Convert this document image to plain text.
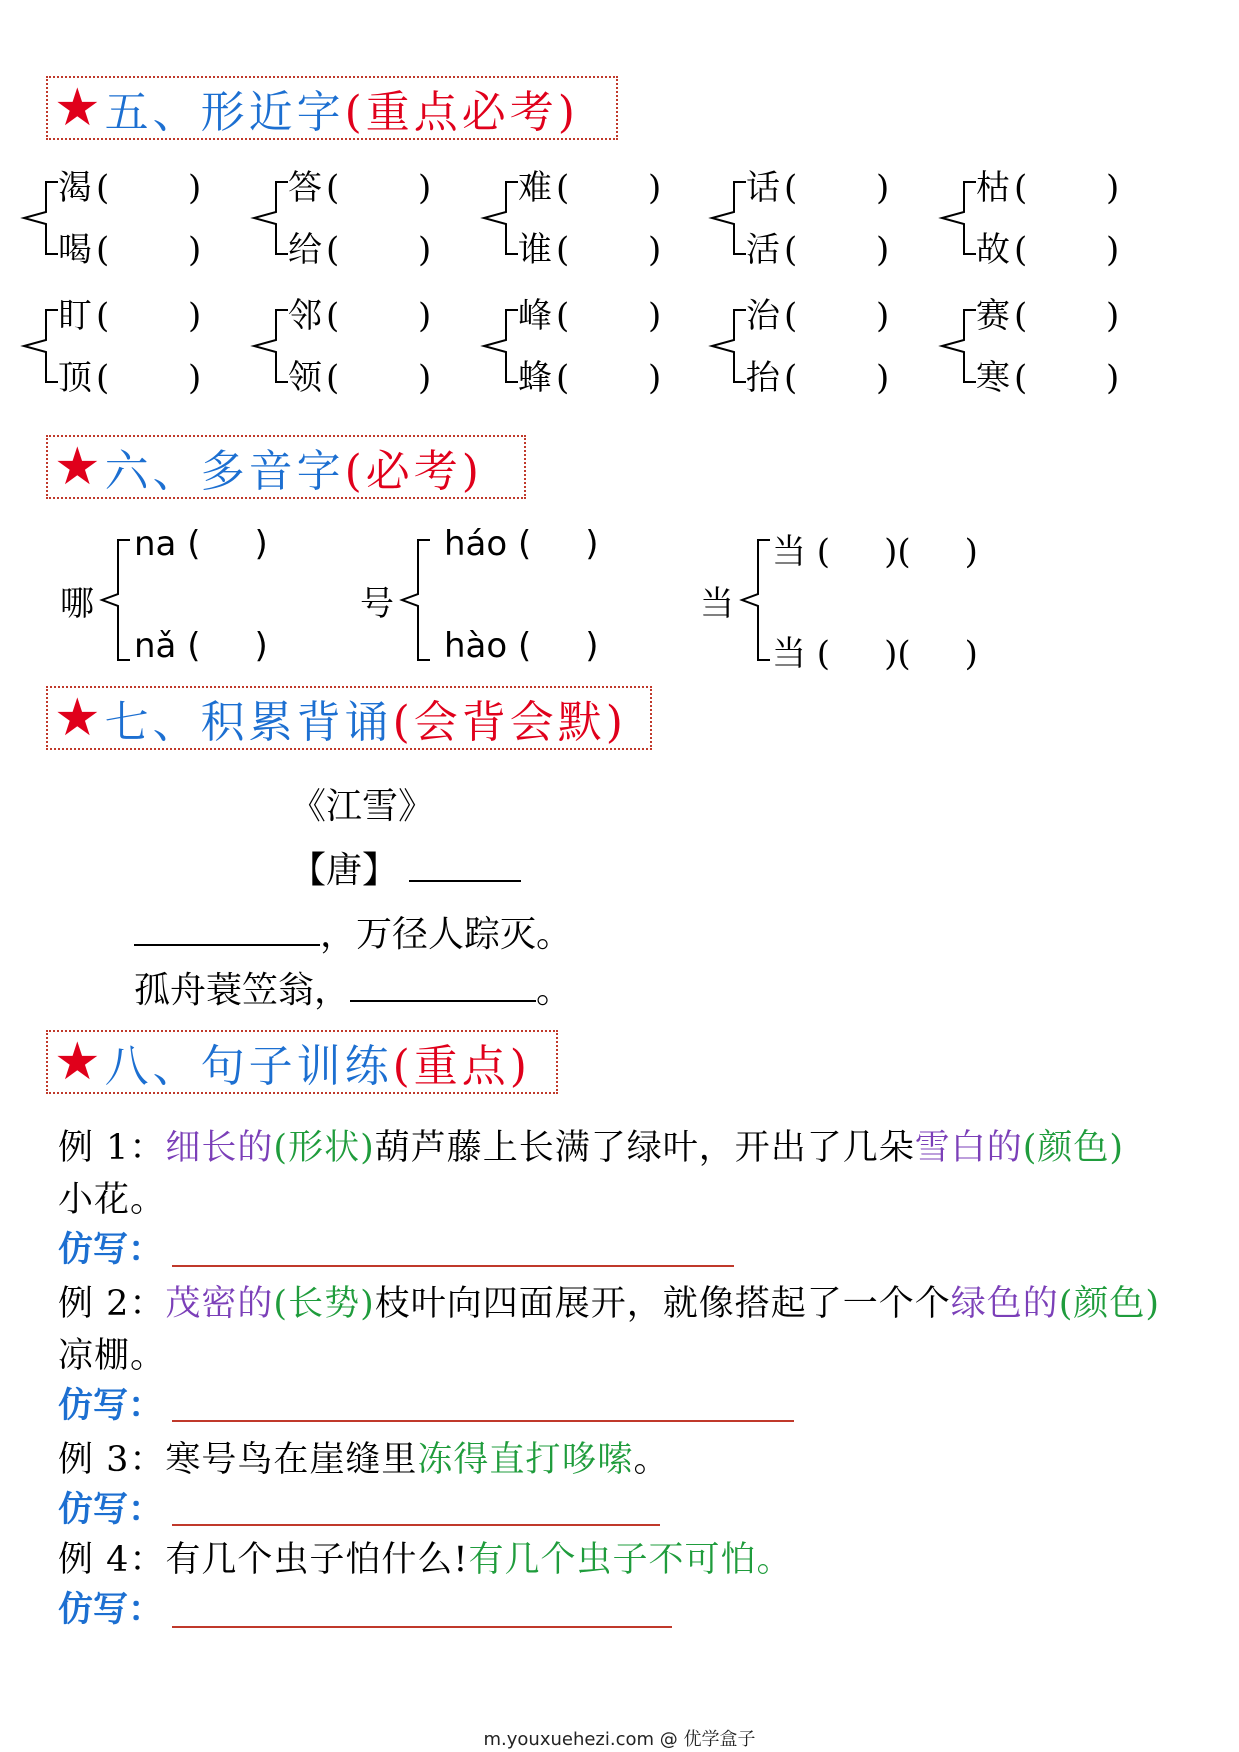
★ 五、形近字 (重点必考)
渴 ( )
喝 ( )
答 ( )
给 ( )
难 ( )
谁 ( )
话 ( )
活 ( )
枯 ( )
故 ( )
盯 ( )
顶 ( )
邻 ( )
领 ( )
峰 ( )
蜂 ( )
治 ( )
抬 ( )
赛 ( )
寒 ( )
★ 六、多音字 (必考)
哪
na (     )
nǎ (     )
号
háo (     )
hào (     )
当
当 (     )(     )
当 (     )(     )
★ 七、积累背诵 (会背会默)
《江雪》
【唐】
，万径人踪灭。
孤舟蓑笠翁，	。
★ 八、句子训练 (重点)
例 1：细长的(形状)葫芦藤上长满了绿叶，开出了几朵雪白的(颜色)
小花。
仿写：
例 2：茂密的(长势)枝叶向四面展开，就像搭起了一个个绿色的(颜色)
凉棚。
仿写：
例 3：寒号鸟在崖缝里冻得直打哆嗦。
仿写：
例 4：有几个虫子怕什么!有几个虫子不可怕。
仿写：
m.youxuehezi.com @ 优学盒子
